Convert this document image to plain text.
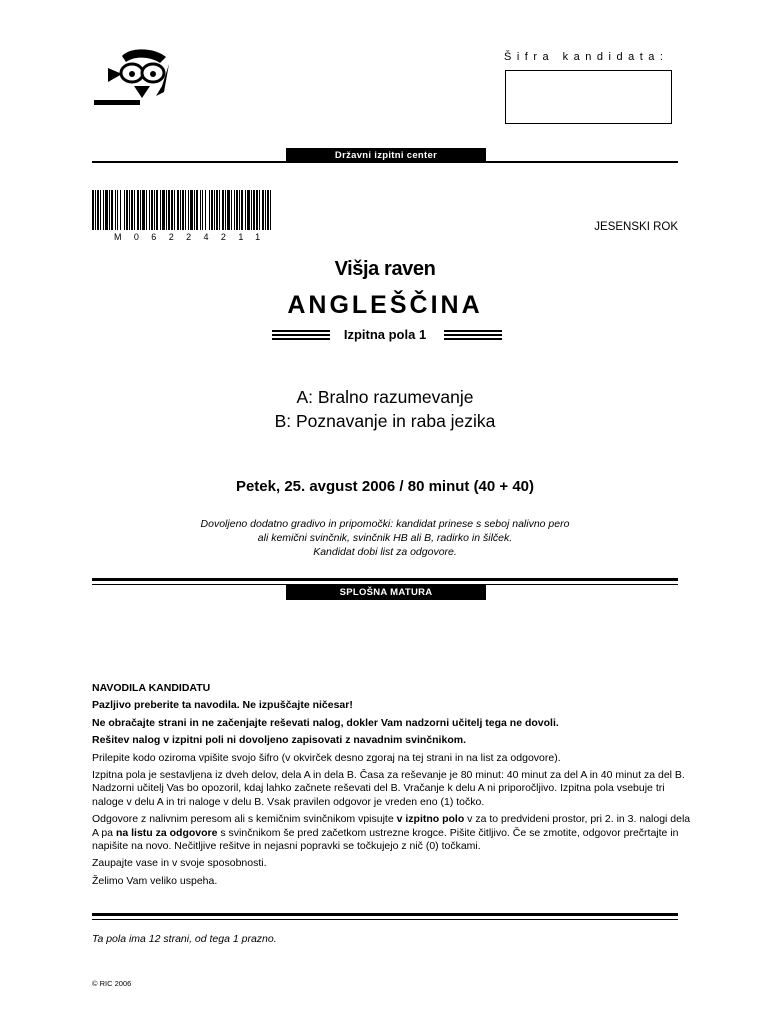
Šifra kandidata:
Državni izpitni center
M06224211
JESENSKI ROK
Višja raven
ANGLEŠČINA
Izpitna pola 1
A: Bralno razumevanje
B: Poznavanje in raba jezika
Petek, 25. avgust 2006 / 80 minut (40 + 40)
Dovoljeno dodatno gradivo in pripomočki: kandidat prinese s seboj nalivno pero
ali kemični svinčnik, svinčnik HB ali B, radirko in šilček.
Kandidat dobi list za odgovore.
SPLOŠNA MATURA
NAVODILA KANDIDATU
Pazljivo preberite ta navodila. Ne izpuščajte ničesar!
Ne obračajte strani in ne začenjajte reševati nalog, dokler Vam nadzorni učitelj tega ne dovoli.
Rešitev nalog v izpitni poli ni dovoljeno zapisovati z navadnim svinčnikom.
Prilepite kodo oziroma vpišite svojo šifro (v okvirček desno zgoraj na tej strani in na list za odgovore).
Izpitna pola je sestavljena iz dveh delov, dela A in dela B. Časa za reševanje je 80 minut: 40 minut za del A in 40 minut za del B. Nadzorni učitelj Vas bo opozoril, kdaj lahko začnete reševati del B. Vračanje k delu A ni priporočljivo. Izpitna pola vsebuje tri naloge v delu A in tri naloge v delu B. Vsak pravilen odgovor je vreden eno (1) točko.
Odgovore z nalivnim peresom ali s kemičnim svinčnikom vpisujte v izpitno polo v za to predvideni prostor, pri 2. in 3. nalogi dela A pa na listu za odgovore s svinčnikom še pred začetkom ustrezne krogce. Pišite čitljivo. Če se zmotite, odgovor prečrtajte in napišite na novo. Nečitljive rešitve in nejasni popravki se točkujejo z nič (0) točkami.
Zaupajte vase in v svoje sposobnosti.
Želimo Vam veliko uspeha.
Ta pola ima 12 strani, od tega 1 prazno.
© RIC 2006
